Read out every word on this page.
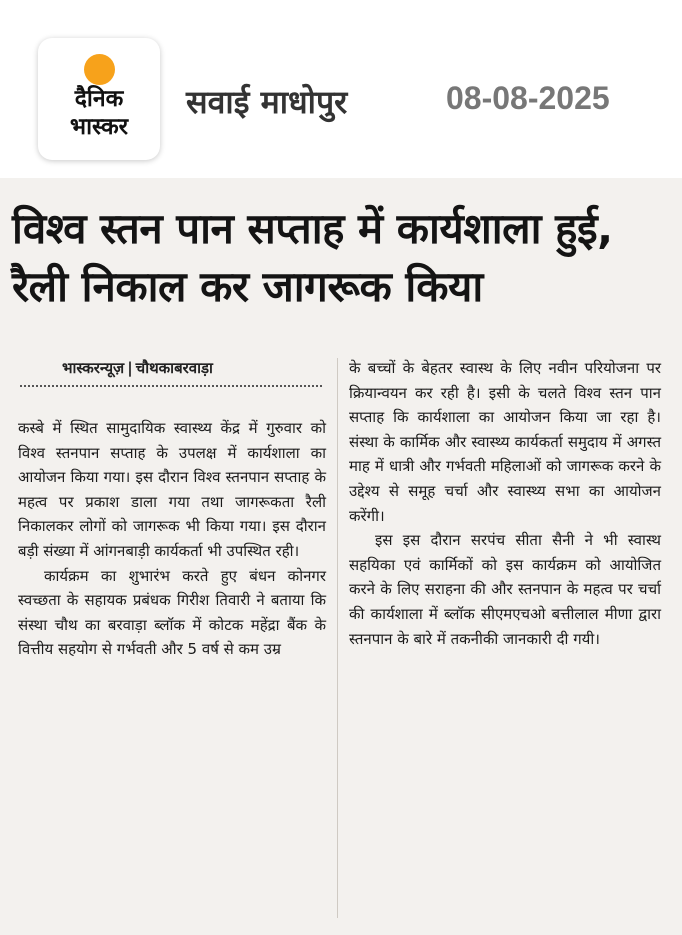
दैनिक
भास्कर
सवाई माधोपुर	08-08-2025
विश्व स्तन पान सप्ताह में कार्यशाला हुई, रैली निकाल कर जागरूक किया
भास्करन्यूज़ | चौथकाबरवाड़ा

कस्बे में स्थित सामुदायिक स्वास्थ्य केंद्र में गुरुवार को विश्व स्तनपान सप्ताह के उपलक्ष में कार्यशाला का आयोजन किया गया। इस दौरान विश्व स्तनपान सप्ताह के महत्व पर प्रकाश डाला गया तथा जागरूकता रैली निकालकर लोगों को जागरूक भी किया गया। इस दौरान बड़ी संख्या में आंगनबाड़ी कार्यकर्ता भी उपस्थित रही।

कार्यक्रम का शुभारंभ करते हुए बंधन कोनगर स्वच्छता के सहायक प्रबंधक गिरीश तिवारी ने बताया कि संस्था चौथ का बरवाड़ा ब्लॉक में कोटक महेंद्रा बैंक के वित्तीय सहयोग से गर्भवती और 5 वर्ष से कम उम्र

के बच्चों के बेहतर स्वास्थ के लिए नवीन परियोजना पर क्रियान्वयन कर रही है। इसी के चलते विश्व स्तन पान सप्ताह कि कार्यशाला का आयोजन किया जा रहा है। संस्था के कार्मिक और स्वास्थ्य कार्यकर्ता समुदाय में अगस्त माह में धात्री और गर्भवती महिलाओं को जागरूक करने के उद्देश्य से समूह चर्चा और स्वास्थ्य सभा का आयोजन करेंगी।

इस इस दौरान सरपंच सीता सैनी ने भी स्वास्थ सहयिका एवं कार्मिकों को इस कार्यक्रम को आयोजित करने के लिए सराहना की और स्तनपान के महत्व पर चर्चा की कार्यशाला में ब्लॉक सीएमएचओ बत्तीलाल मीणा द्वारा स्तनपान के बारे में तकनीकी जानकारी दी गयी।
